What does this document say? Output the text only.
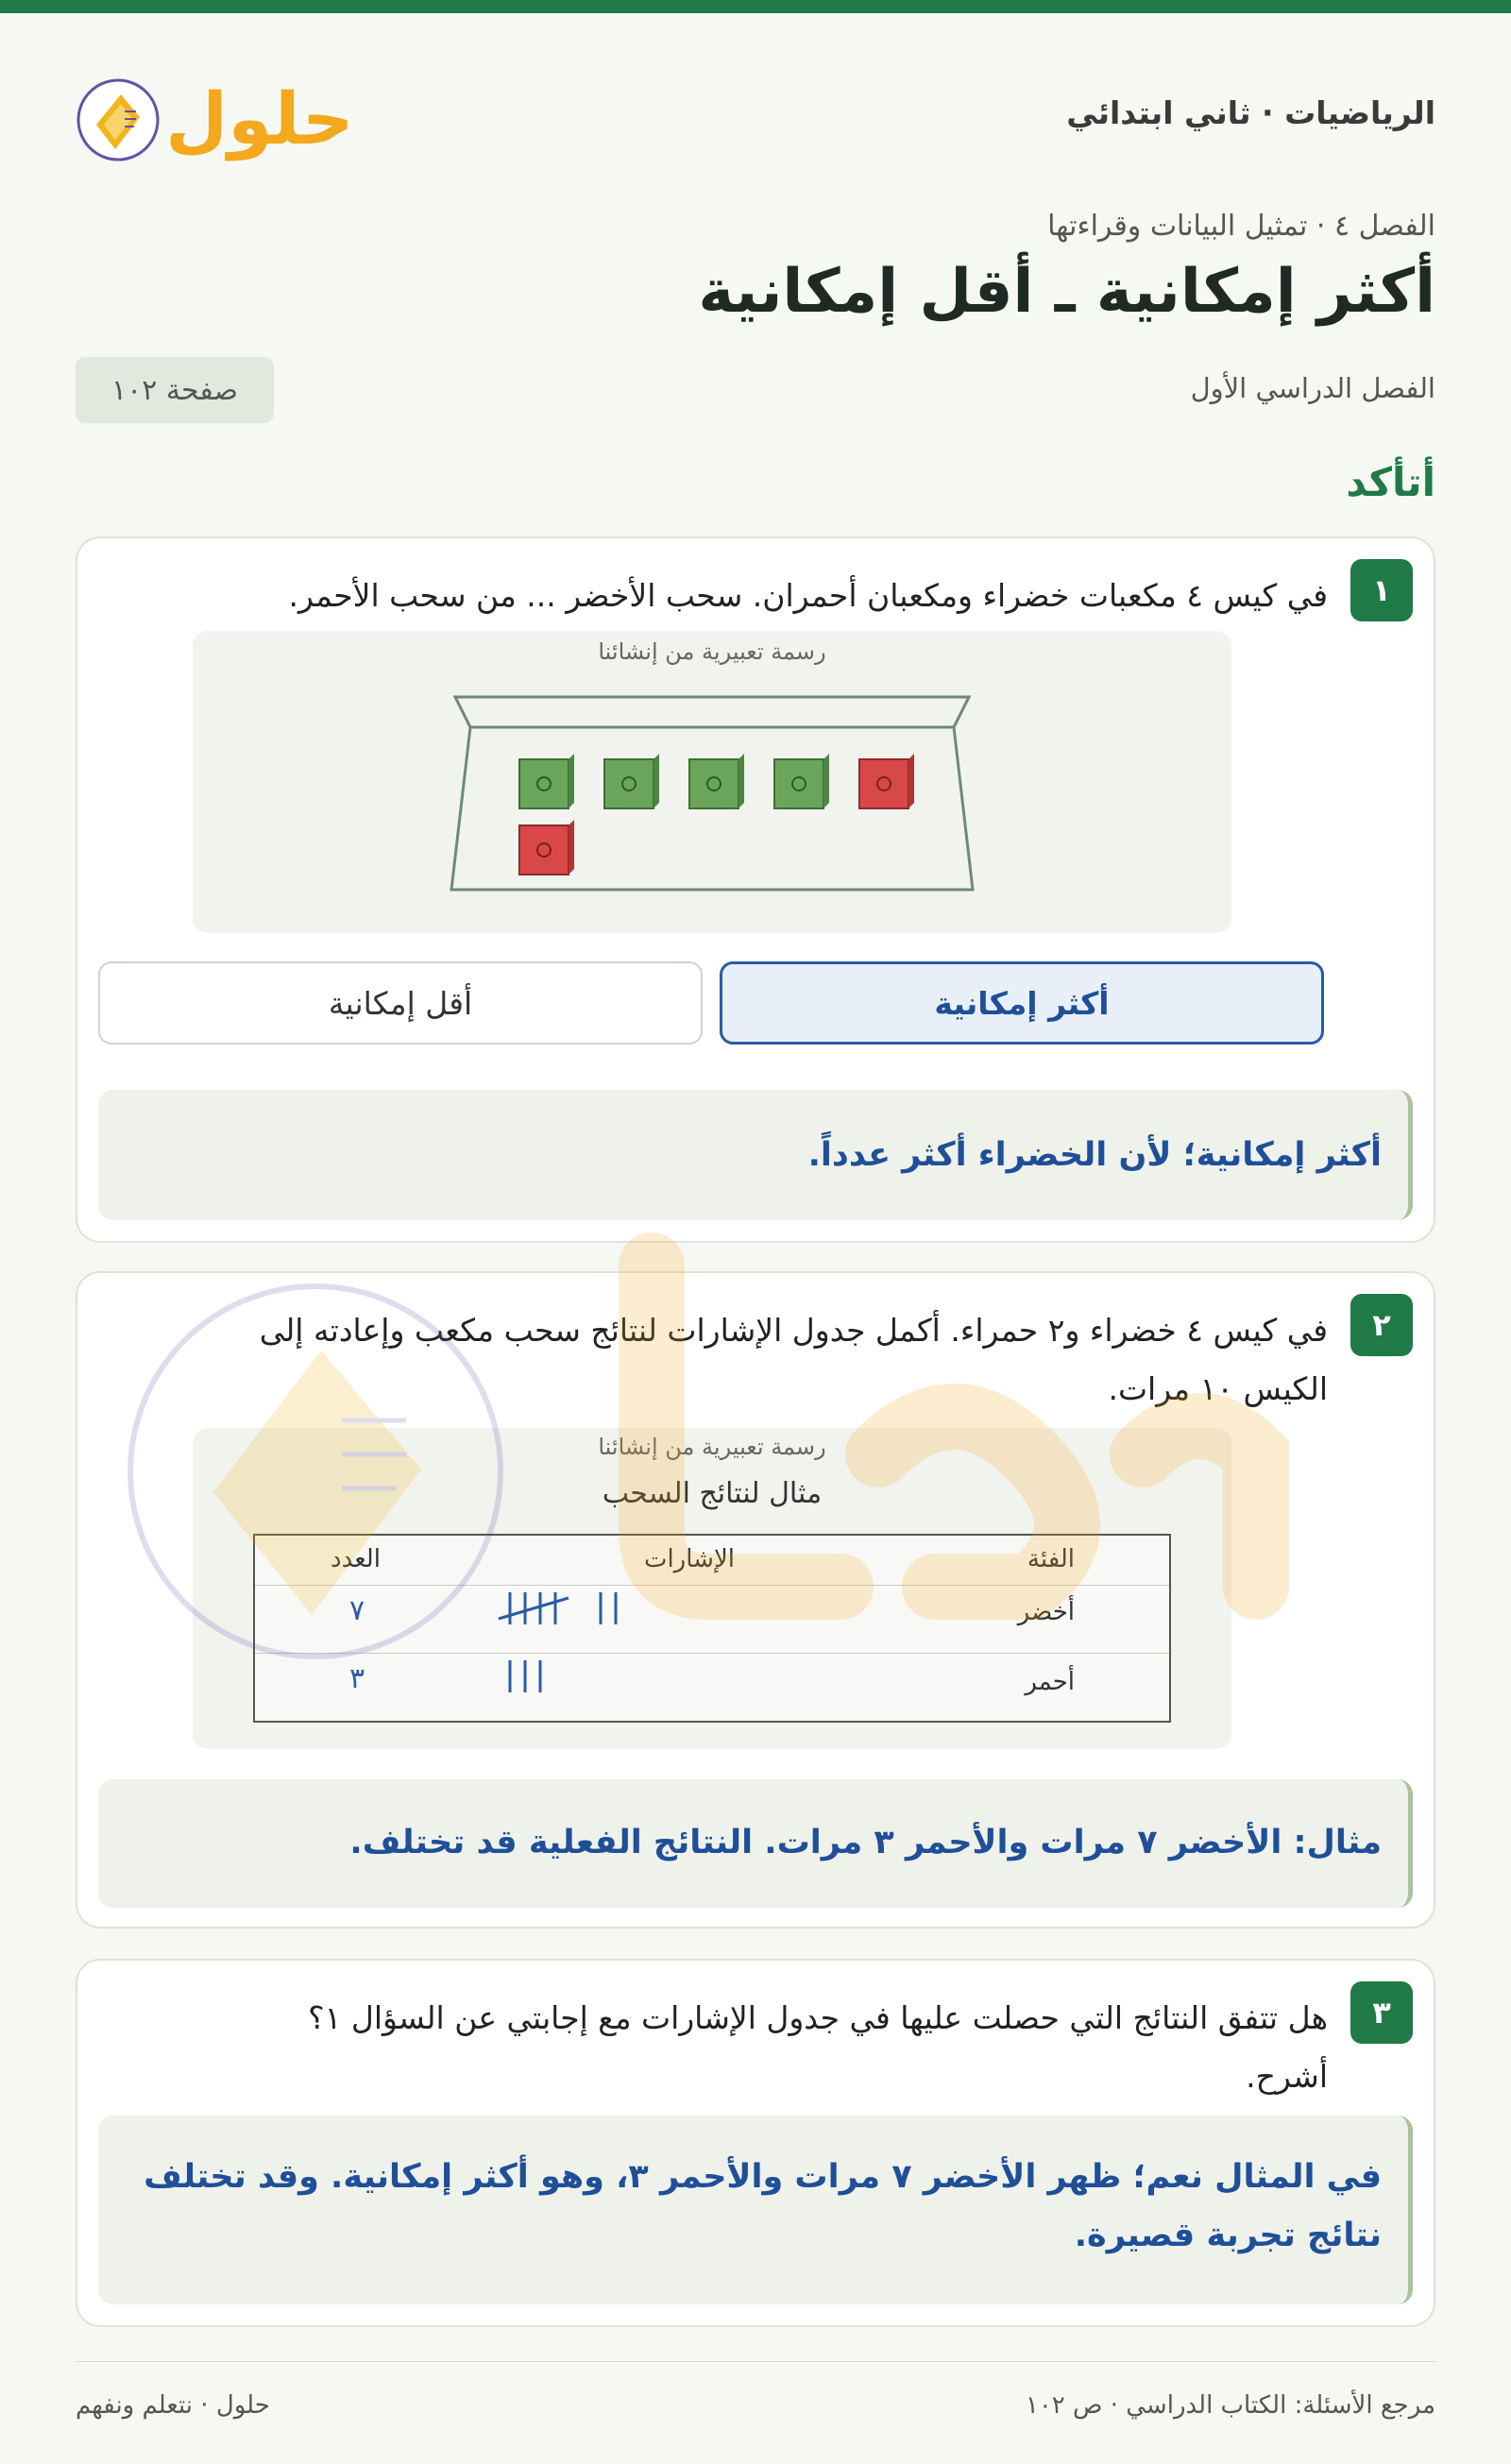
الرياضيات · ثاني ابتدائي
حلول
الفصل ٤ · تمثيل البيانات وقراءتها
أكثر إمكانية ـ أقل إمكانية
الفصل الدراسي الأول
صفحة ١٠٢
أتأكد
١
في كيس ٤ مكعبات خضراء ومكعبان أحمران. سحب الأخضر ... من سحب الأحمر.
رسمة تعبيرية من إنشائنا
أكثر إمكانية
أقل إمكانية
أكثر إمكانية؛ لأن الخضراء أكثر عدداً.
٢
في كيس ٤ خضراء و٢ حمراء. أكمل جدول الإشارات لنتائج سحب مكعب وإعادته إلى
الكيس ١٠ مرات.
رسمة تعبيرية من إنشائنا
مثال لنتائج السحب
الفئة
الإشارات
العدد
أخضر
٧
أحمر
٣
مثال: الأخضر ٧ مرات والأحمر ٣ مرات. النتائج الفعلية قد تختلف.
٣
هل تتفق النتائج التي حصلت عليها في جدول الإشارات مع إجابتي عن السؤال ١؟
أشرح.
في المثال نعم؛ ظهر الأخضر ٧ مرات والأحمر ٣، وهو أكثر إمكانية. وقد تختلف
نتائج تجربة قصيرة.
مرجع الأسئلة: الكتاب الدراسي · ص ١٠٢
حلول · نتعلم ونفهم
